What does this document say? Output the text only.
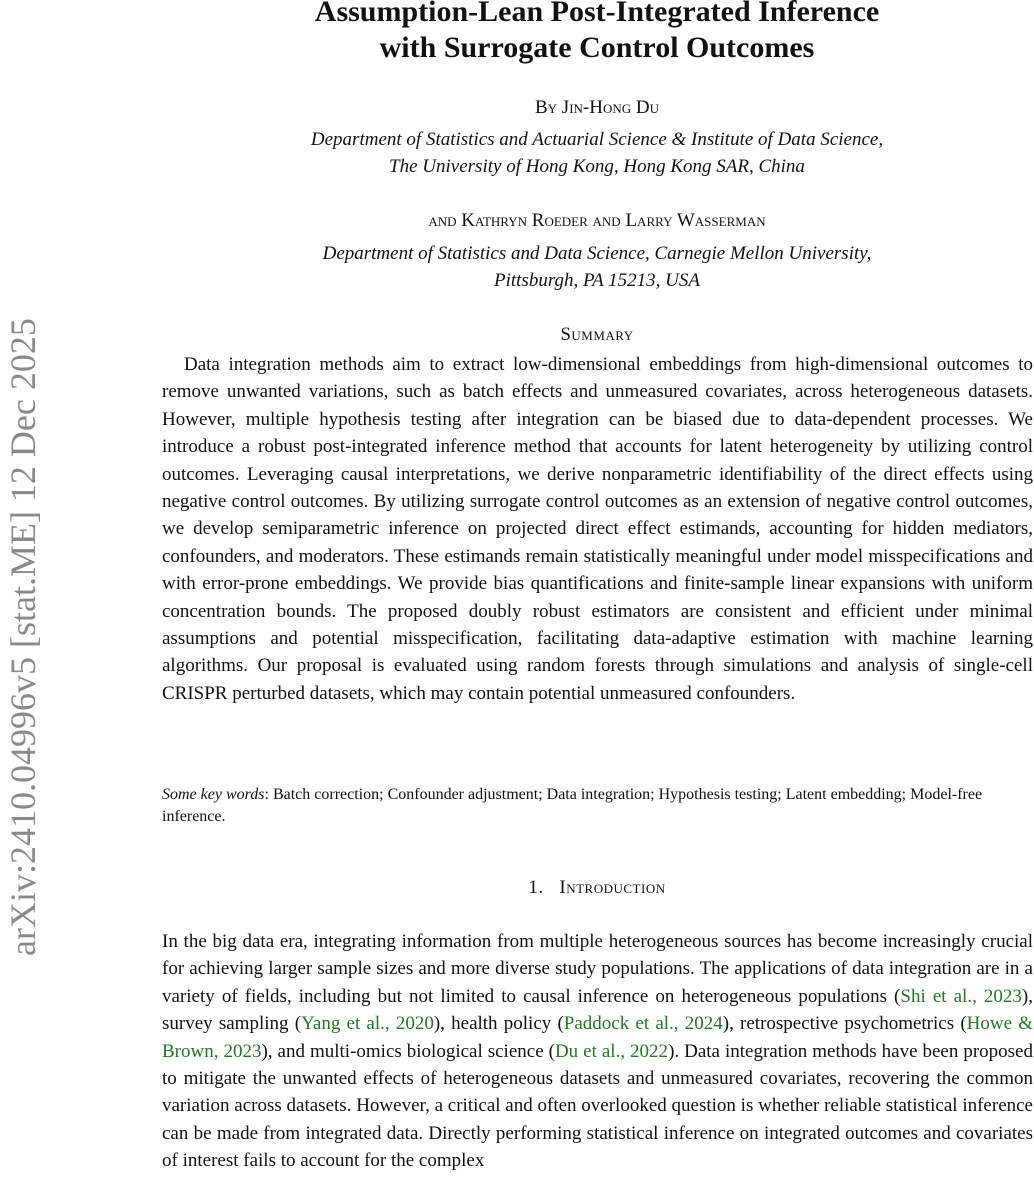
arXiv:2410.04996v5 [stat.ME] 12 Dec 2025
Assumption-Lean Post-Integrated Inference
with Surrogate Control Outcomes
By Jin-Hong Du
Department of Statistics and Actuarial Science & Institute of Data Science,
The University of Hong Kong, Hong Kong SAR, China
and Kathryn Roeder and Larry Wasserman
Department of Statistics and Data Science, Carnegie Mellon University,
Pittsburgh, PA 15213, USA
Summary

Data integration methods aim to extract low-dimensional embeddings from high-dimensional outcomes to remove unwanted variations, such as batch effects and unmeasured covariates, across heterogeneous datasets. However, multiple hypothesis testing after integration can be biased due to data-dependent processes. We introduce a robust post-integrated inference method that accounts for latent heterogeneity by utilizing control outcomes. Leveraging causal interpretations, we derive nonparametric identifiability of the direct effects using negative control outcomes. By utilizing surrogate control outcomes as an extension of negative control outcomes, we develop semiparametric inference on projected direct effect estimands, accounting for hidden mediators, confounders, and moderators. These estimands remain statistically meaningful under model misspecifications and with error-prone embeddings. We provide bias quantifications and finite-sample linear expansions with uniform concentration bounds. The proposed doubly robust estimators are consistent and efficient under minimal assumptions and potential misspecification, facilitating data-adaptive estimation with machine learning algorithms. Our proposal is evaluated using random forests through simulations and analysis of single-cell CRISPR perturbed datasets, which may contain potential unmeasured confounders.

Some key words: Batch correction; Confounder adjustment; Data integration; Hypothesis testing; Latent embedding; Model-free inference.
1. Introduction

In the big data era, integrating information from multiple heterogeneous sources has become increasingly crucial for achieving larger sample sizes and more diverse study populations. The applications of data integration are in a variety of fields, including but not limited to causal inference on heterogeneous populations (Shi et al., 2023), survey sampling (Yang et al., 2020), health policy (Paddock et al., 2024), retrospective psychometrics (Howe & Brown, 2023), and multi-omics biological science (Du et al., 2022). Data integration methods have been proposed to mitigate the unwanted effects of heterogeneous datasets and unmeasured covariates, recovering the common variation across datasets. However, a critical and often overlooked question is whether reliable statistical inference can be made from integrated data. Directly performing statistical inference on integrated outcomes and covariates of interest fails to account for the complex
